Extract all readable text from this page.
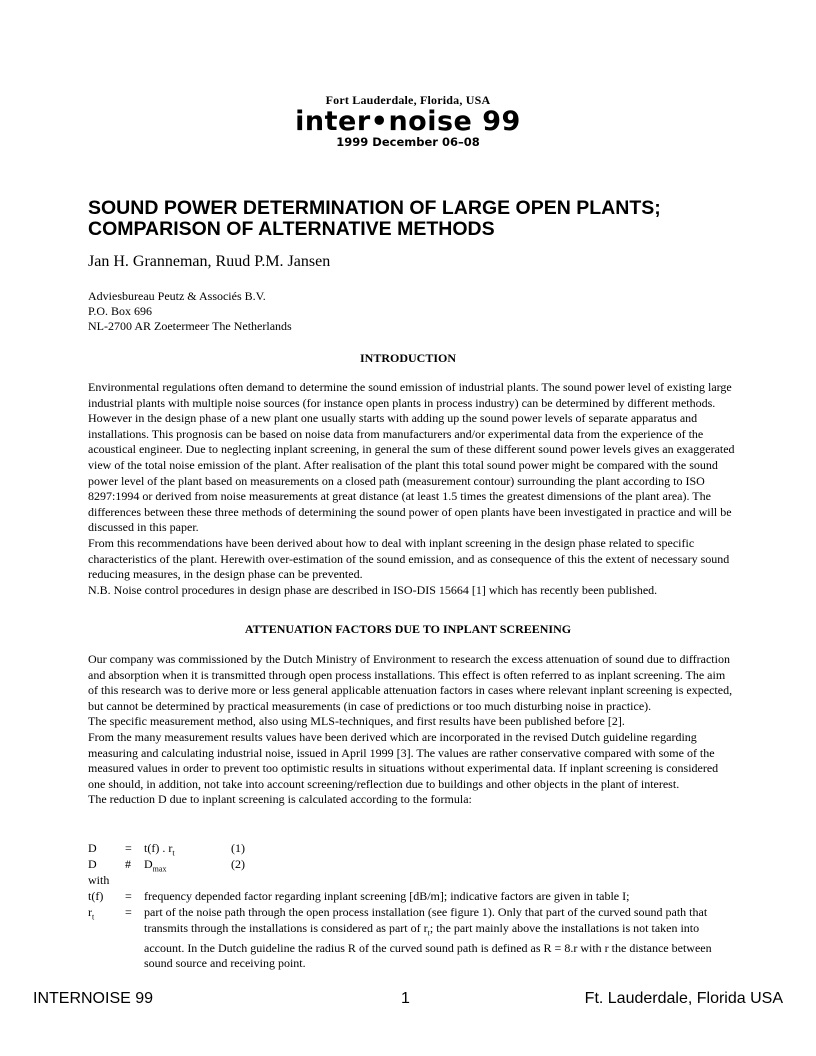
Fort Lauderdale, Florida, USA
inter•noise 99
1999 December 06–08
SOUND POWER DETERMINATION OF LARGE OPEN PLANTS; COMPARISON OF ALTERNATIVE METHODS
Jan H. Granneman, Ruud P.M. Jansen
Adviesbureau Peutz & Associés B.V.
P.O. Box 696
NL-2700 AR Zoetermeer The Netherlands
INTRODUCTION

Environmental regulations often demand to determine the sound emission of industrial plants. The sound power level of existing large industrial plants with multiple noise sources (for instance open plants in process industry) can be determined by different methods. However in the design phase of a new plant one usually starts with adding up the sound power levels of separate apparatus and installations. This prognosis can be based on noise data from manufacturers and/or experimental data from the experience of the acoustical engineer. Due to neglecting inplant screening, in general the sum of these different sound power levels gives an exaggerated view of the total noise emission of the plant. After realisation of the plant this total sound power might be compared with the sound power level of the plant based on measurements on a closed path (measurement contour) surrounding the plant according to ISO 8297:1994 or derived from noise measurements at great distance (at least 1.5 times the greatest dimensions of the plant area). The differences between these three methods of determining the sound power of open plants have been investigated in practice and will be discussed in this paper.

From this recommendations have been derived about how to deal with inplant screening in the design phase related to specific characteristics of the plant. Herewith over-estimation of the sound emission, and as consequence of this the extent of necessary sound reducing measures, in the design phase can be prevented.

N.B. Noise control procedures in design phase are described in ISO-DIS 15664 [1] which has recently been published.

ATTENUATION FACTORS DUE TO INPLANT SCREENING

Our company was commissioned by the Dutch Ministry of Environment to research the excess attenuation of sound due to diffraction and absorption when it is transmitted through open process installations. This effect is often referred to as inplant screening. The aim of this research was to derive more or less general applicable attenuation factors in cases where relevant inplant screening is expected, but cannot be determined by practical measurements (in case of predictions or too much disturbing noise in practice).

The specific measurement method, also using MLS-techniques, and first results have been published before [2].

From the many measurement results values have been derived which are incorporated in the revised Dutch guideline regarding measuring and calculating industrial noise, issued in April 1999 [3]. The values are rather conservative compared with some of the measured values in order to prevent too optimistic results in situations without experimental data. If inplant screening is considered one should, in addition, not take into account screening/reflection due to buildings and other objects in the plant of interest.

The reduction D due to inplant screening is calculated according to the formula:

D = t(f) . $r_t$	(1)
D # $D_{max}$	(2)
with
t(f) = frequency depended factor regarding inplant screening [dB/m]; indicative factors are given in table I;
$r_t$	= part of the noise path through the open process installation (see figure 1). Only that part of the curved sound path that transmits through the installations is considered as part of $r_t$; the part mainly above the installations is not taken into account. In the Dutch guideline the radius R of the curved sound path is defined as R = 8.r with r the distance between sound source and receiving point.
INTERNOISE 99	1	Ft. Lauderdale, Florida USA
